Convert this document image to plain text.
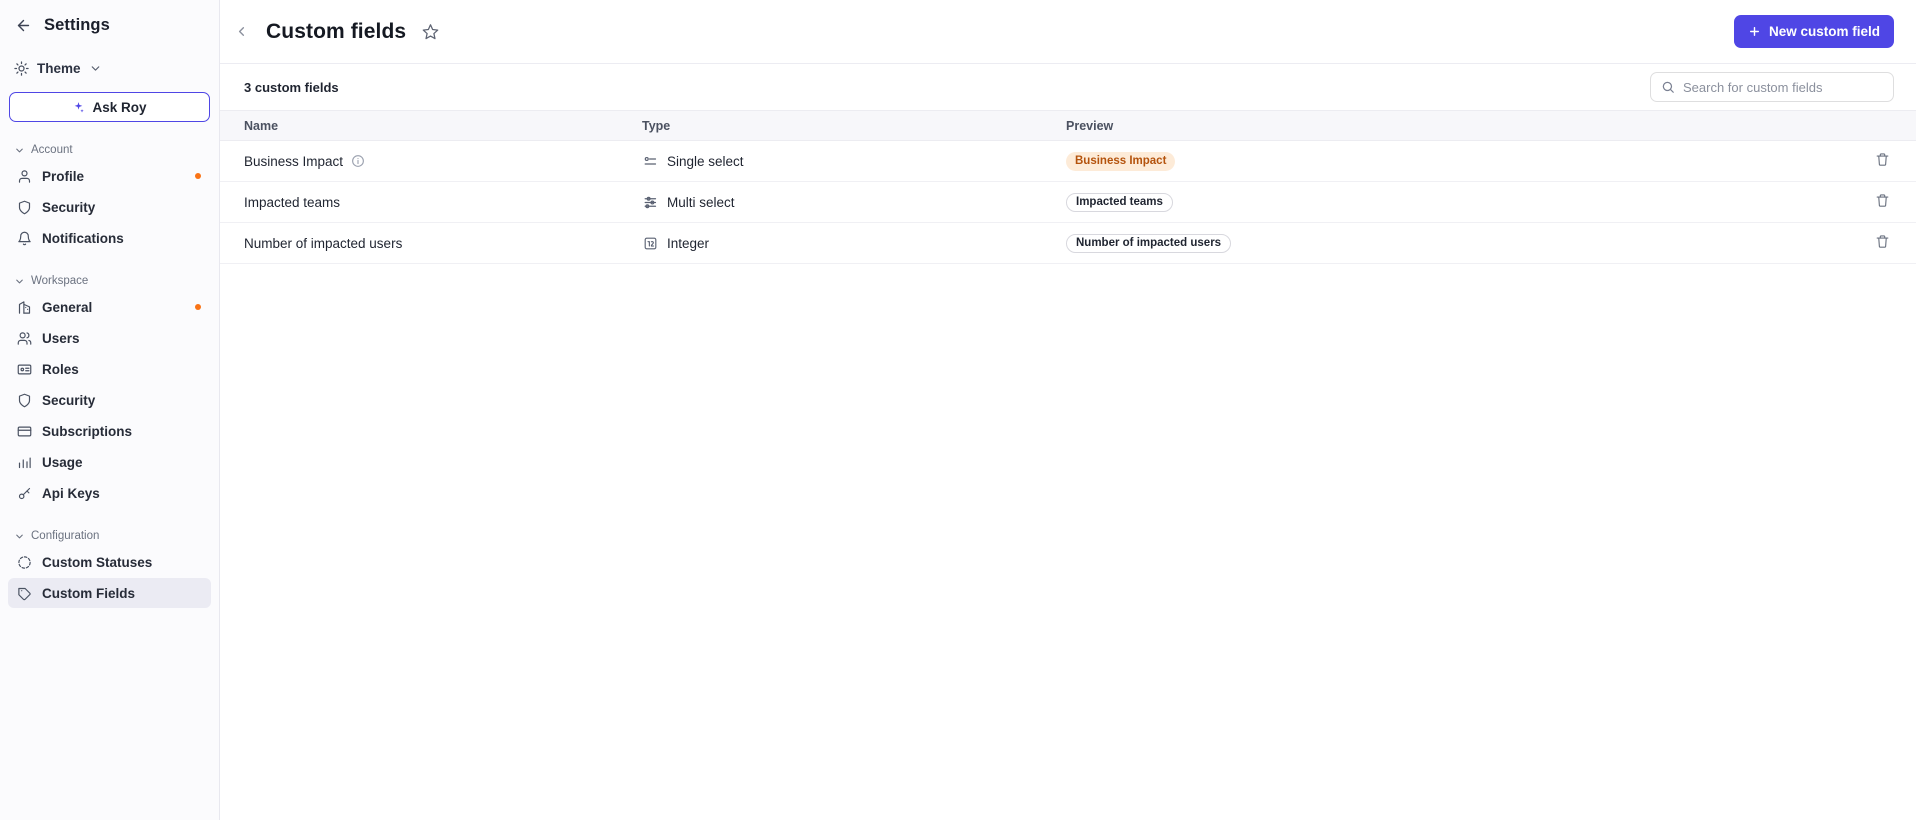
Settings
Theme
Ask Roy
Account
Profile
Security
Notifications
Workspace
General
Users
Roles
Security
Subscriptions
Usage
Api Keys
Configuration
Custom Statuses
Custom Fields
Custom fields	New custom field
3 custom fields
Search for custom fields
Name	Type	Preview	

Business Impact	Single select	Business Impact	

Impacted teams	Multi select	Impacted teams	

Number of impacted users	Integer	Number of impacted users	
